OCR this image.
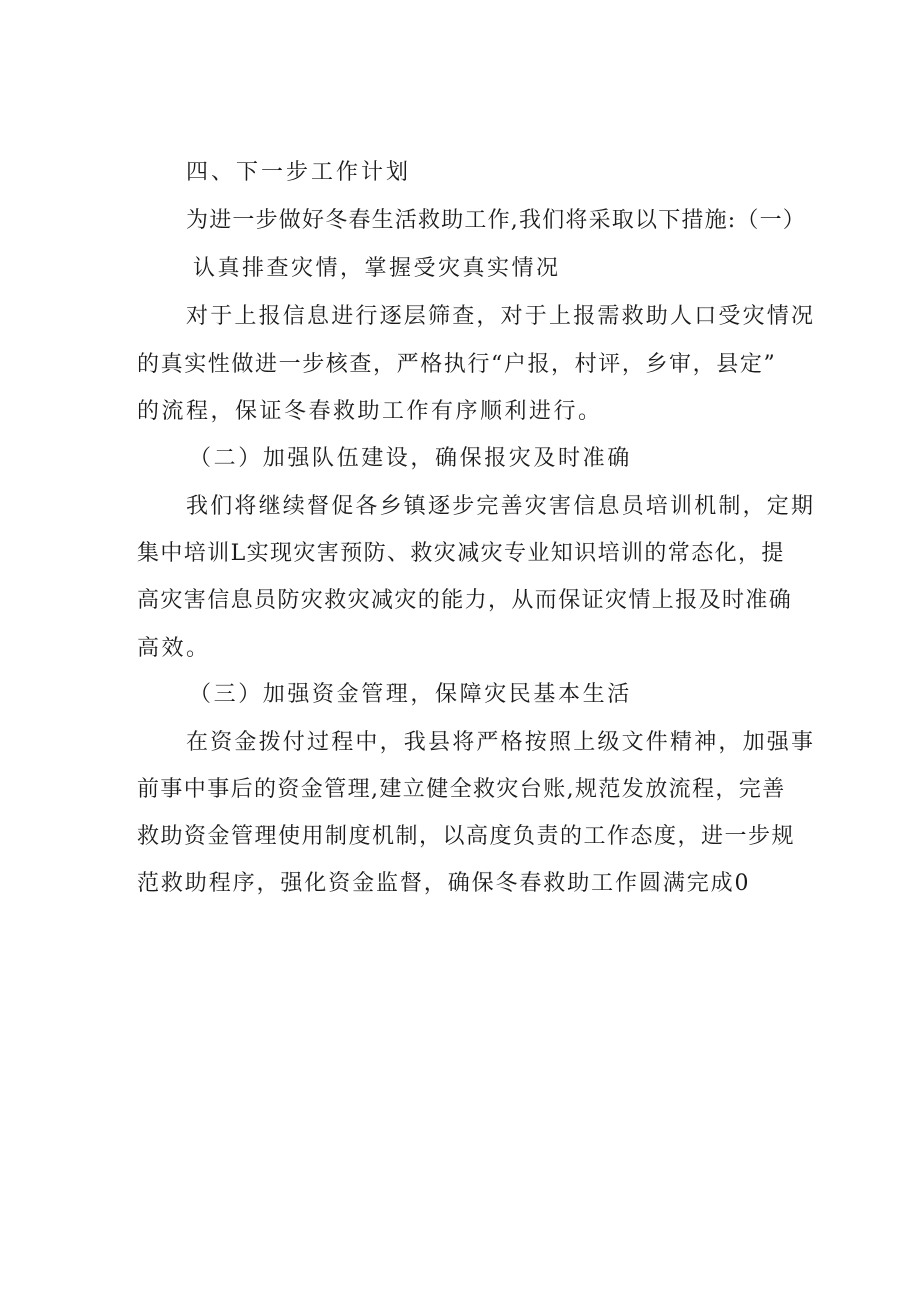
四、下一步工作计划
为进一步做好冬春生活救助工作,我们将采取以下措施:（一）
认真排查灾情，掌握受灾真实情况
对于上报信息进行逐层筛查，对于上报需救助人口受灾情况
的真实性做进一步核查，严格执行“户报，村评，乡审，县定”
的流程，保证冬春救助工作有序顺利进行。
（二）加强队伍建设，确保报灾及时准确
我们将继续督促各乡镇逐步完善灾害信息员培训机制，定期
集中培训L实现灾害预防、救灾减灾专业知识培训的常态化，提
高灾害信息员防灾救灾减灾的能力，从而保证灾情上报及时准确
高效。
（三）加强资金管理，保障灾民基本生活
在资金拨付过程中，我县将严格按照上级文件精神，加强事
前事中事后的资金管理,建立健全救灾台账,规范发放流程，完善
救助资金管理使用制度机制，以高度负责的工作态度，进一步规
范救助程序，强化资金监督，确保冬春救助工作圆满完成0
